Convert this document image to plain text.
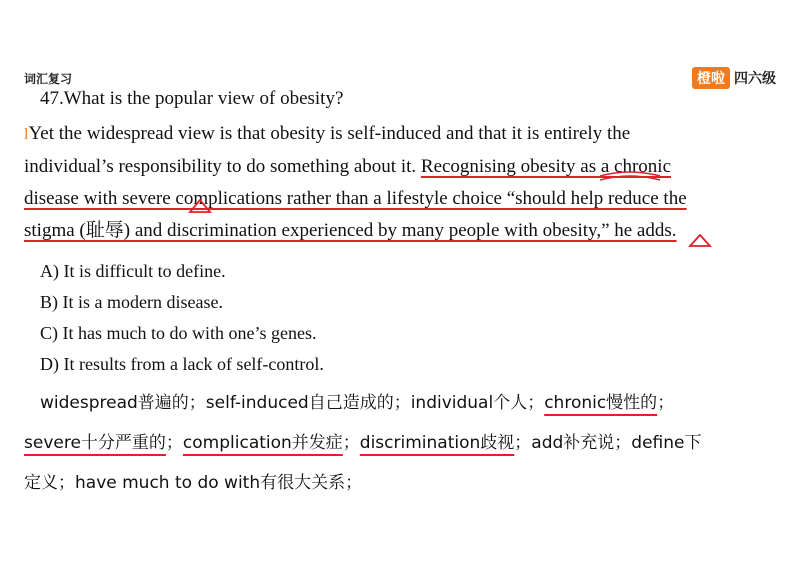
词汇复习	橙啦 四六级
47.What is the popular view of obesity?
lYet the widespread view is that obesity is self-induced and that it is entirely the
individual’s responsibility to do something about it. Recognising obesity as a chronic
disease with severe complications rather than a lifestyle choice “should help reduce the
stigma (耻辱) and discrimination experienced by many people with obesity,” he adds.
A) It is difficult to define.
B) It is a modern disease.
C) It has much to do with one’s genes.
D) It results from a lack of self-control.
widespread普遍的；self-induced自己造成的；individual个人；chronic慢性的；
severe十分严重的；complication并发症；discrimination歧视；add补充说；define下
定义；have much to do with有很大关系；
